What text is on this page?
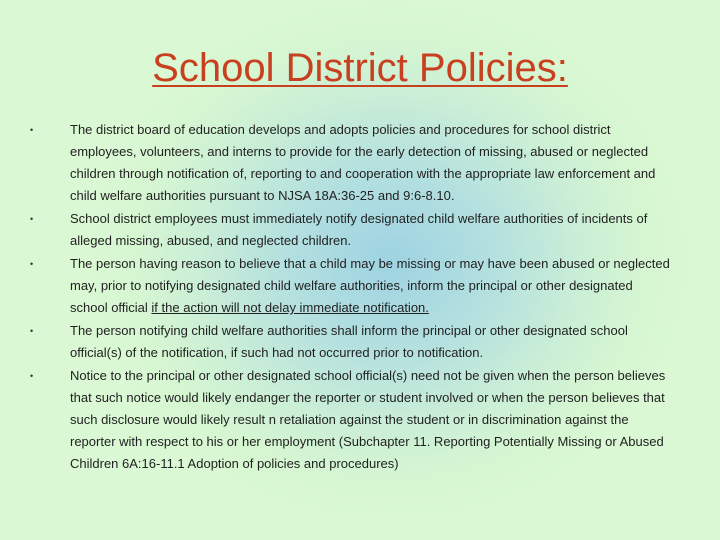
School District Policies:
•	The district board of education develops and adopts policies and procedures for school district employees, volunteers, and interns to provide for the early detection of missing, abused or neglected children through notification of, reporting to and cooperation with the appropriate law enforcement and child welfare authorities pursuant to NJSA 18A:36-25 and 9:6-8.10.
•	School district employees must immediately notify designated child welfare authorities of incidents of alleged missing, abused, and neglected children.
•	The person having reason to believe that a child may be missing or may have been abused or neglected may, prior to notifying designated child welfare authorities, inform the principal or other designated school official if the action will not delay immediate notification.
•	The person notifying child welfare authorities shall inform the principal or other designated school official(s) of the notification, if such had not occurred prior to notification.
•	Notice to the principal or other designated school official(s) need not be given when the person believes that such notice would likely endanger the reporter or student involved or when the person believes that such disclosure would likely result n retaliation against the student or in discrimination against the reporter with respect to his or her employment (Subchapter 11. Reporting Potentially Missing or Abused Children 6A:16-11.1 Adoption of policies and procedures)
